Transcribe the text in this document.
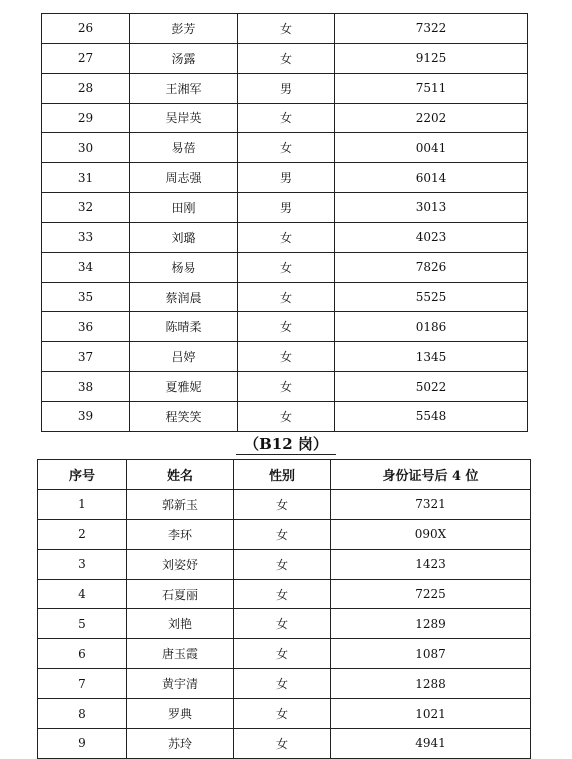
26	彭芳	女	7322
27	汤露	女	9125
28	王湘军	男	7511
29	吴岸英	女	2202
30	易蓓	女	0041
31	周志强	男	6014
32	田刚	男	3013
33	刘璐	女	4023
34	杨易	女	7826
35	蔡润晨	女	5525
36	陈晴柔	女	0186
37	吕婷	女	1345
38	夏雅妮	女	5022
39	程笑笑	女	5548
（B12 岗）
序号	姓名	性别	身份证号后 4 位
1	郭新玉	女	7321
2	李环	女	090X
3	刘姿妤	女	1423
4	石夏丽	女	7225
5	刘艳	女	1289
6	唐玉霞	女	1087
7	黄宇清	女	1288
8	罗典	女	1021
9	苏玲	女	4941
